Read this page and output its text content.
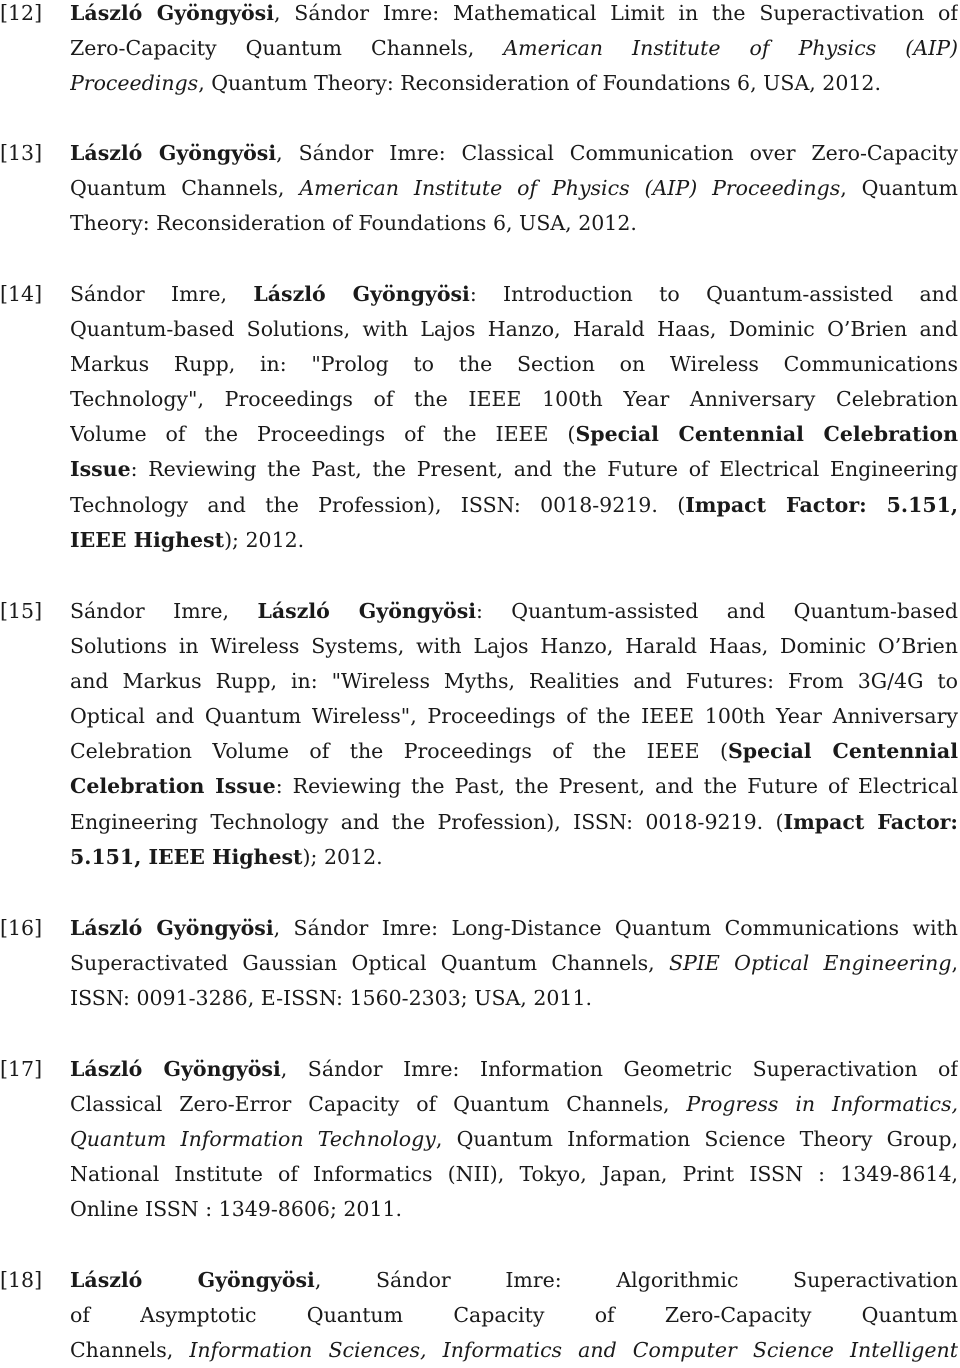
[12]	László Gyöngyösi, Sándor Imre: Mathematical Limit in the Superactivation of
Zero-Capacity Quantum Channels, American Institute of Physics (AIP)
Proceedings, Quantum Theory: Reconsideration of Foundations 6, USA, 2012.
[13]	László Gyöngyösi, Sándor Imre: Classical Communication over Zero-Capacity
Quantum Channels, American Institute of Physics (AIP) Proceedings, Quantum
Theory: Reconsideration of Foundations 6, USA, 2012.
[14]	Sándor Imre, László Gyöngyösi: Introduction to Quantum-assisted and
Quantum-based Solutions, with Lajos Hanzo, Harald Haas, Dominic O’Brien and
Markus Rupp, in: "Prolog to the Section on Wireless Communications
Technology", Proceedings of the IEEE 100th Year Anniversary Celebration
Volume of the Proceedings of the IEEE (Special Centennial Celebration
Issue: Reviewing the Past, the Present, and the Future of Electrical Engineering
Technology and the Profession), ISSN: 0018-9219. (Impact Factor: 5.151,
IEEE Highest); 2012.
[15]	Sándor Imre, László Gyöngyösi: Quantum-assisted and Quantum-based
Solutions in Wireless Systems, with Lajos Hanzo, Harald Haas, Dominic O’Brien
and Markus Rupp, in: "Wireless Myths, Realities and Futures: From 3G/4G to
Optical and Quantum Wireless", Proceedings of the IEEE 100th Year Anniversary
Celebration Volume of the Proceedings of the IEEE (Special Centennial
Celebration Issue: Reviewing the Past, the Present, and the Future of Electrical
Engineering Technology and the Profession), ISSN: 0018-9219. (Impact Factor:
5.151, IEEE Highest); 2012.
[16]	László Gyöngyösi, Sándor Imre: Long-Distance Quantum Communications with
Superactivated Gaussian Optical Quantum Channels, SPIE Optical Engineering,
ISSN: 0091-3286, E-ISSN: 1560-2303; USA, 2011.
[17]	László Gyöngyösi, Sándor Imre: Information Geometric Superactivation of
Classical Zero-Error Capacity of Quantum Channels, Progress in Informatics,
Quantum Information Technology, Quantum Information Science Theory Group,
National Institute of Informatics (NII), Tokyo, Japan, Print ISSN : 1349-8614,
Online ISSN : 1349-8606; 2011.
[18]	László Gyöngyösi, Sándor Imre: Algorithmic Superactivation
of Asymptotic Quantum Capacity of Zero-Capacity Quantum
Channels, Information Sciences, Informatics and Computer Science Intelligent
